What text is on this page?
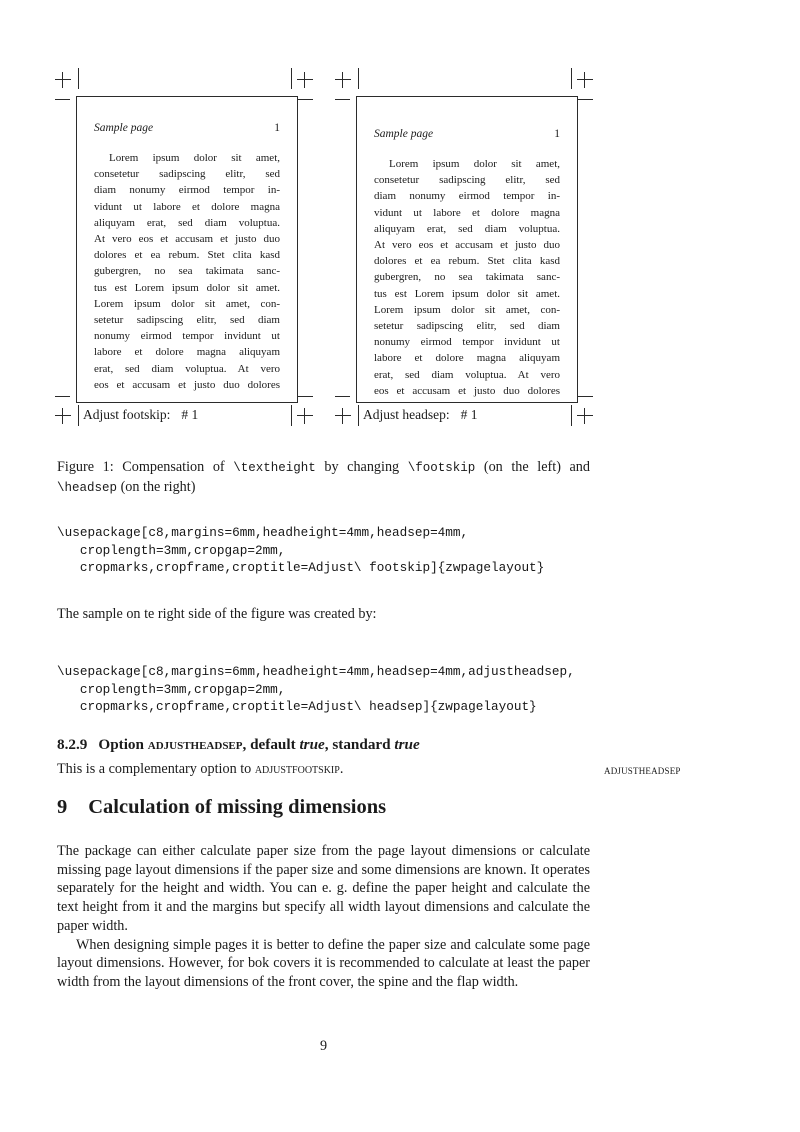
Sample page	1
Lorem ipsum dolor sit amet,
consetetur sadipscing elitr, sed
diam nonumy eirmod tempor in-
vidunt ut labore et dolore magna
aliquyam erat, sed diam voluptua.
At vero eos et accusam et justo duo
dolores et ea rebum. Stet clita kasd
gubergren, no sea takimata sanc-
tus est Lorem ipsum dolor sit amet.
Lorem ipsum dolor sit amet, con-
setetur sadipscing elitr, sed diam
nonumy eirmod tempor invidunt ut
labore et dolore magna aliquyam
erat, sed diam voluptua. At vero
eos et accusam et justo duo dolores
Adjust footskip: # 1
Sample page	1
Lorem ipsum dolor sit amet,
consetetur sadipscing elitr, sed
diam nonumy eirmod tempor in-
vidunt ut labore et dolore magna
aliquyam erat, sed diam voluptua.
At vero eos et accusam et justo duo
dolores et ea rebum. Stet clita kasd
gubergren, no sea takimata sanc-
tus est Lorem ipsum dolor sit amet.
Lorem ipsum dolor sit amet, con-
setetur sadipscing elitr, sed diam
nonumy eirmod tempor invidunt ut
labore et dolore magna aliquyam
erat, sed diam voluptua. At vero
eos et accusam et justo duo dolores
Adjust headsep: # 1
Figure 1: Compensation of \textheight by changing \footskip (on the left) and
\headsep (on the right)
\usepackage[c8,margins=6mm,headheight=4mm,headsep=4mm,
croplength=3mm,cropgap=2mm,
cropmarks,cropframe,croptitle=Adjust\ footskip]{zwpagelayout}
The sample on te right side of the figure was created by:
\usepackage[c8,margins=6mm,headheight=4mm,headsep=4mm,adjustheadsep,
croplength=3mm,cropgap=2mm,
cropmarks,cropframe,croptitle=Adjust\ headsep]{zwpagelayout}
8.2.9 Option adjustheadsep, default true, standard true
This is a complementary option to adjustfootskip.	adjustheadsep
9 Calculation of missing dimensions
The package can either calculate paper size from the page layout dimensions or calculate missing page layout dimensions if the paper size and some dimensions are known. It operates separately for the height and width. You can e. g. define the paper height and calculate the text height from it and the margins but specify all width layout dimensions and calculate the paper width.
When designing simple pages it is better to define the paper size and calculate some page layout dimensions. However, for bok covers it is recommended to calculate at least the paper width from the layout dimensions of the front cover, the spine and the flap width.
9
